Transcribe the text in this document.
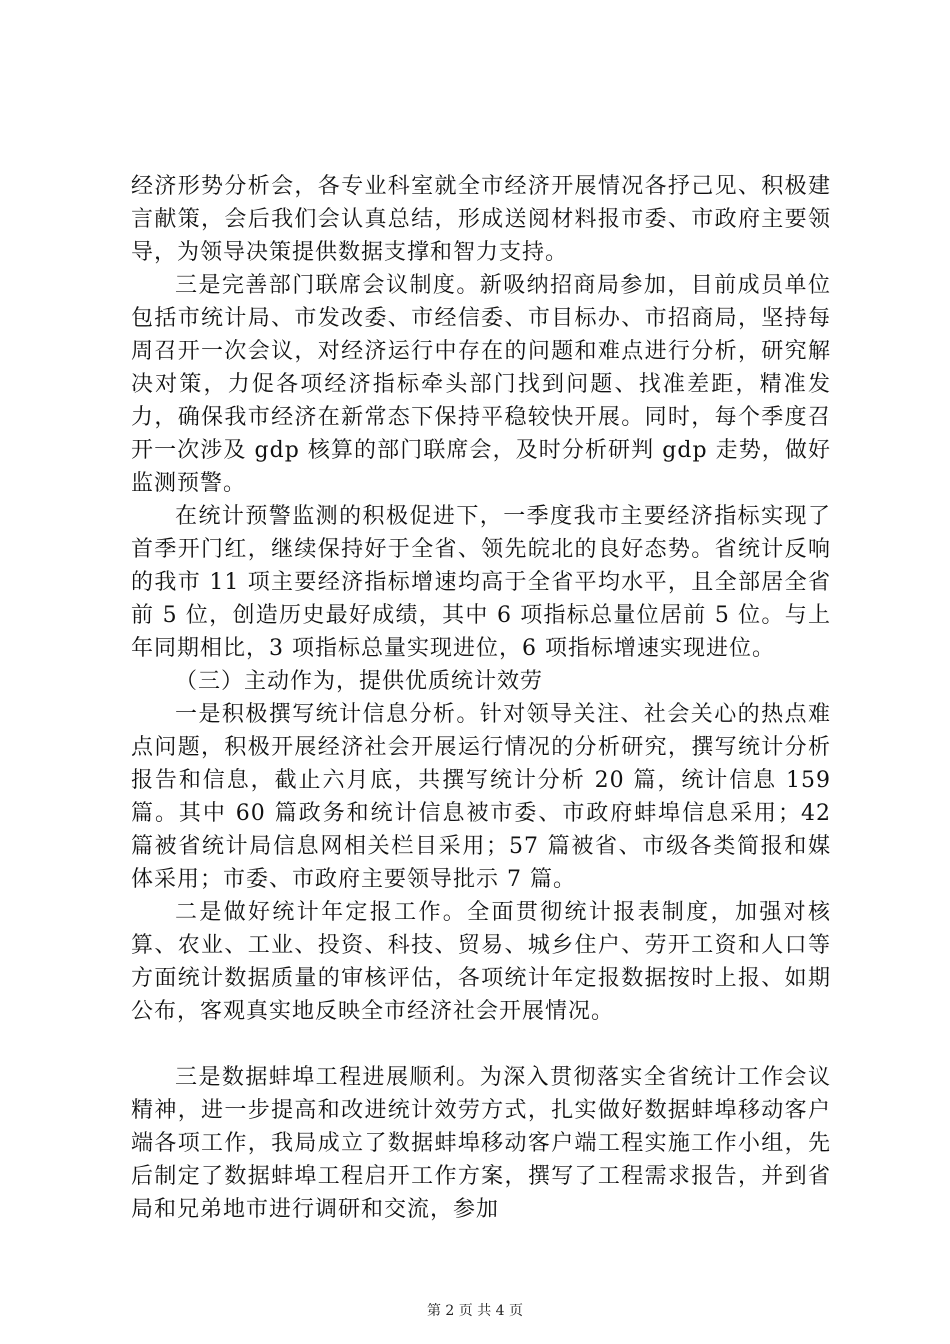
经济形势分析会，各专业科室就全市经济开展情况各抒己见、积极建言献策，会后我们会认真总结，形成送阅材料报市委、市政府主要领导，为领导决策提供数据支撑和智力支持。

三是完善部门联席会议制度。新吸纳招商局参加，目前成员单位包括市统计局、市发改委、市经信委、市目标办、市招商局，坚持每周召开一次会议，对经济运行中存在的问题和难点进行分析，研究解决对策，力促各项经济指标牵头部门找到问题、找准差距，精准发力，确保我市经济在新常态下保持平稳较快开展。同时，每个季度召开一次涉及 gdp 核算的部门联席会，及时分析研判 gdp 走势，做好监测预警。

在统计预警监测的积极促进下，一季度我市主要经济指标实现了首季开门红，继续保持好于全省、领先皖北的良好态势。省统计反响的我市 11 项主要经济指标增速均高于全省平均水平，且全部居全省前 5 位，创造历史最好成绩，其中 6 项指标总量位居前 5 位。与上年同期相比，3 项指标总量实现进位，6 项指标增速实现进位。

（三）主动作为，提供优质统计效劳

一是积极撰写统计信息分析。针对领导关注、社会关心的热点难点问题，积极开展经济社会开展运行情况的分析研究，撰写统计分析报告和信息，截止六月底，共撰写统计分析 20 篇，统计信息 159 篇。其中 60 篇政务和统计信息被市委、市政府蚌埠信息采用；42 篇被省统计局信息网相关栏目采用；57 篇被省、市级各类简报和媒体采用；市委、市政府主要领导批示 7 篇。

二是做好统计年定报工作。全面贯彻统计报表制度，加强对核算、农业、工业、投资、科技、贸易、城乡住户、劳开工资和人口等方面统计数据质量的审核评估，各项统计年定报数据按时上报、如期公布，客观真实地反映全市经济社会开展情况。

三是数据蚌埠工程进展顺利。为深入贯彻落实全省统计工作会议精神，进一步提高和改进统计效劳方式，扎实做好数据蚌埠移动客户端各项工作，我局成立了数据蚌埠移动客户端工程实施工作小组，先后制定了数据蚌埠工程启开工作方案，撰写了工程需求报告，并到省局和兄弟地市进行调研和交流，参加

第 2 页 共 4 页
